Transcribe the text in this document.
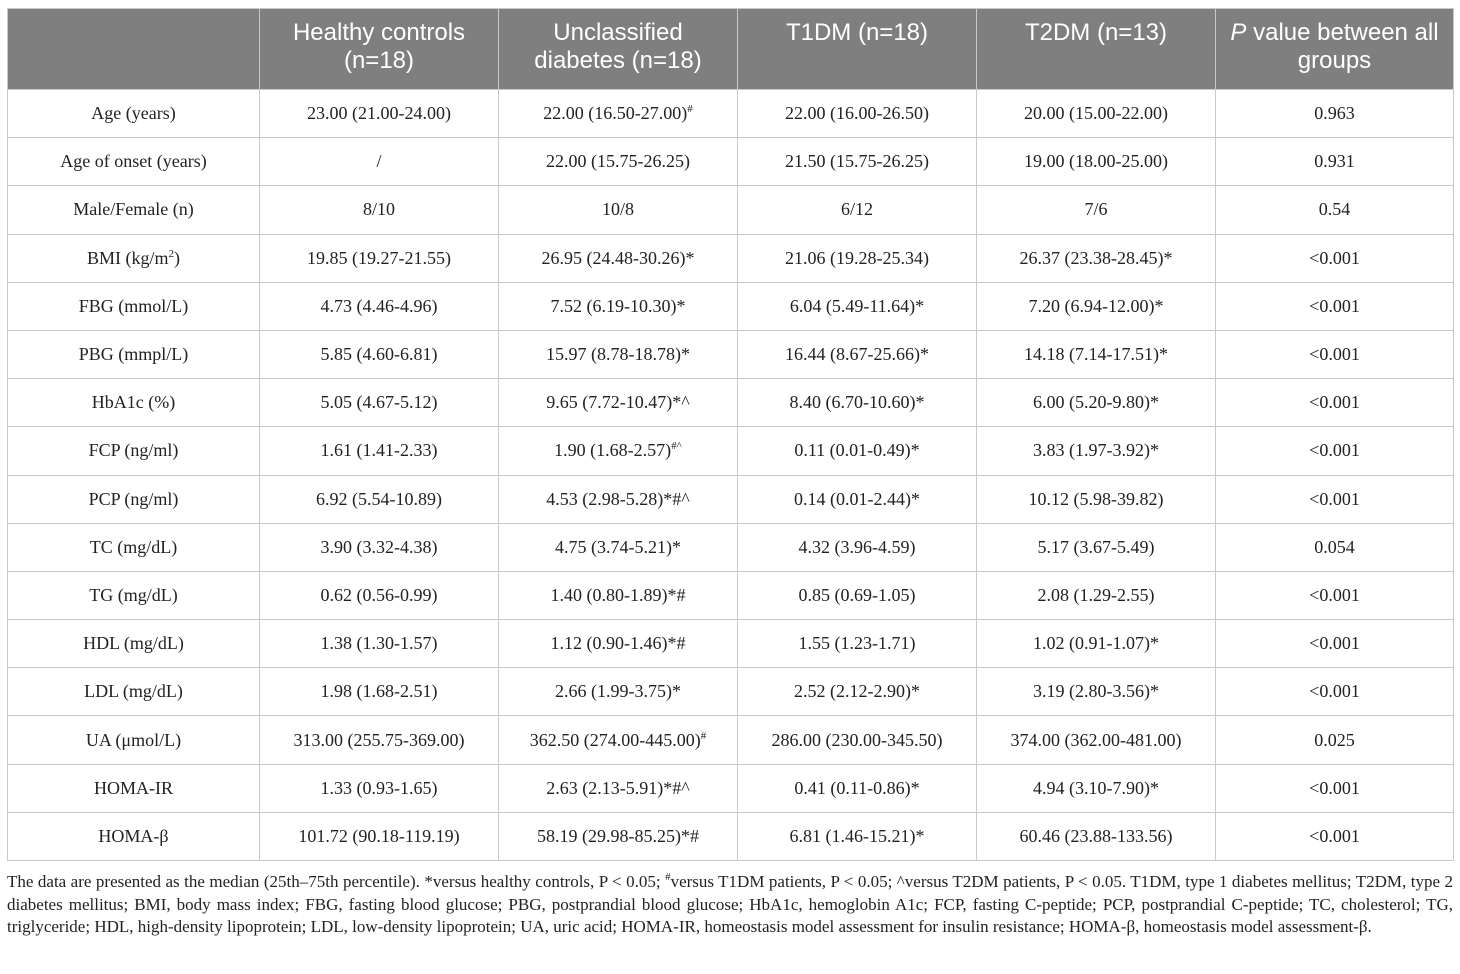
	Healthy controls (n=18)	Unclassified diabetes (n=18)	T1DM (n=18)	T2DM (n=13)	P value between all groups
Age (years)	23.00 (21.00-24.00)	22.00 (16.50-27.00)#	22.00 (16.00-26.50)	20.00 (15.00-22.00)	0.963
Age of onset (years)	/	22.00 (15.75-26.25)	21.50 (15.75-26.25)	19.00 (18.00-25.00)	0.931
Male/Female (n)	8/10	10/8	6/12	7/6	0.54
BMI $(kg/m^2)$	19.85 (19.27-21.55)	26.95 (24.48-30.26)*	21.06 (19.28-25.34)	26.37 (23.38-28.45)*	<0.001
FBG (mmol/L)	4.73 (4.46-4.96)	7.52 (6.19-10.30)*	6.04 (5.49-11.64)*	7.20 (6.94-12.00)*	<0.001
PBG (mmpl/L)	5.85 (4.60-6.81)	15.97 (8.78-18.78)*	16.44 (8.67-25.66)*	14.18 (7.14-17.51)*	<0.001
HbA1c (%)	5.05 (4.67-5.12)	9.65 (7.72-10.47)*^	8.40 (6.70-10.60)*	6.00 (5.20-9.80)*	<0.001
FCP (ng/ml)	1.61 (1.41-2.33)	1.90 (1.68-2.57)#^	0.11 (0.01-0.49)*	3.83 (1.97-3.92)*	<0.001
PCP (ng/ml)	6.92 (5.54-10.89)	4.53 (2.98-5.28)*#^	0.14 (0.01-2.44)*	10.12 (5.98-39.82)	<0.001
TC (mg/dL)	3.90 (3.32-4.38)	4.75 (3.74-5.21)*	4.32 (3.96-4.59)	5.17 (3.67-5.49)	0.054
TG (mg/dL)	0.62 (0.56-0.99)	1.40 (0.80-1.89)*#	0.85 (0.69-1.05)	2.08 (1.29-2.55)	<0.001
HDL (mg/dL)	1.38 (1.30-1.57)	1.12 (0.90-1.46)*#	1.55 (1.23-1.71)	1.02 (0.91-1.07)*	<0.001
LDL (mg/dL)	1.98 (1.68-2.51)	2.66 (1.99-3.75)*	2.52 (2.12-2.90)*	3.19 (2.80-3.56)*	<0.001
UA (μmol/L)	313.00 (255.75-369.00)	362.50 (274.00-445.00)#	286.00 (230.00-345.50)	374.00 (362.00-481.00)	0.025
HOMA-IR	1.33 (0.93-1.65)	2.63 (2.13-5.91)*#^	0.41 (0.11-0.86)*	4.94 (3.10-7.90)*	<0.001
HOMA-β	101.72 (90.18-119.19)	58.19 (29.98-85.25)*#	6.81 (1.46-15.21)*	60.46 (23.88-133.56)	<0.001
The data are presented as the median (25th–75th percentile). *versus healthy controls, P < 0.05; #versus T1DM patients, P < 0.05; ^versus T2DM patients, P < 0.05. T1DM, type 1 diabetes mellitus; T2DM, type 2 diabetes mellitus; BMI, body mass index; FBG, fasting blood glucose; PBG, postprandial blood glucose; HbA1c, hemoglobin A1c; FCP, fasting C-peptide; PCP, postprandial C-peptide; TC, cholesterol; TG, triglyceride; HDL, high-density lipoprotein; LDL, low-density lipoprotein; UA, uric acid; HOMA-IR, homeostasis model assessment for insulin resistance; HOMA-β, homeostasis model assessment-β.
